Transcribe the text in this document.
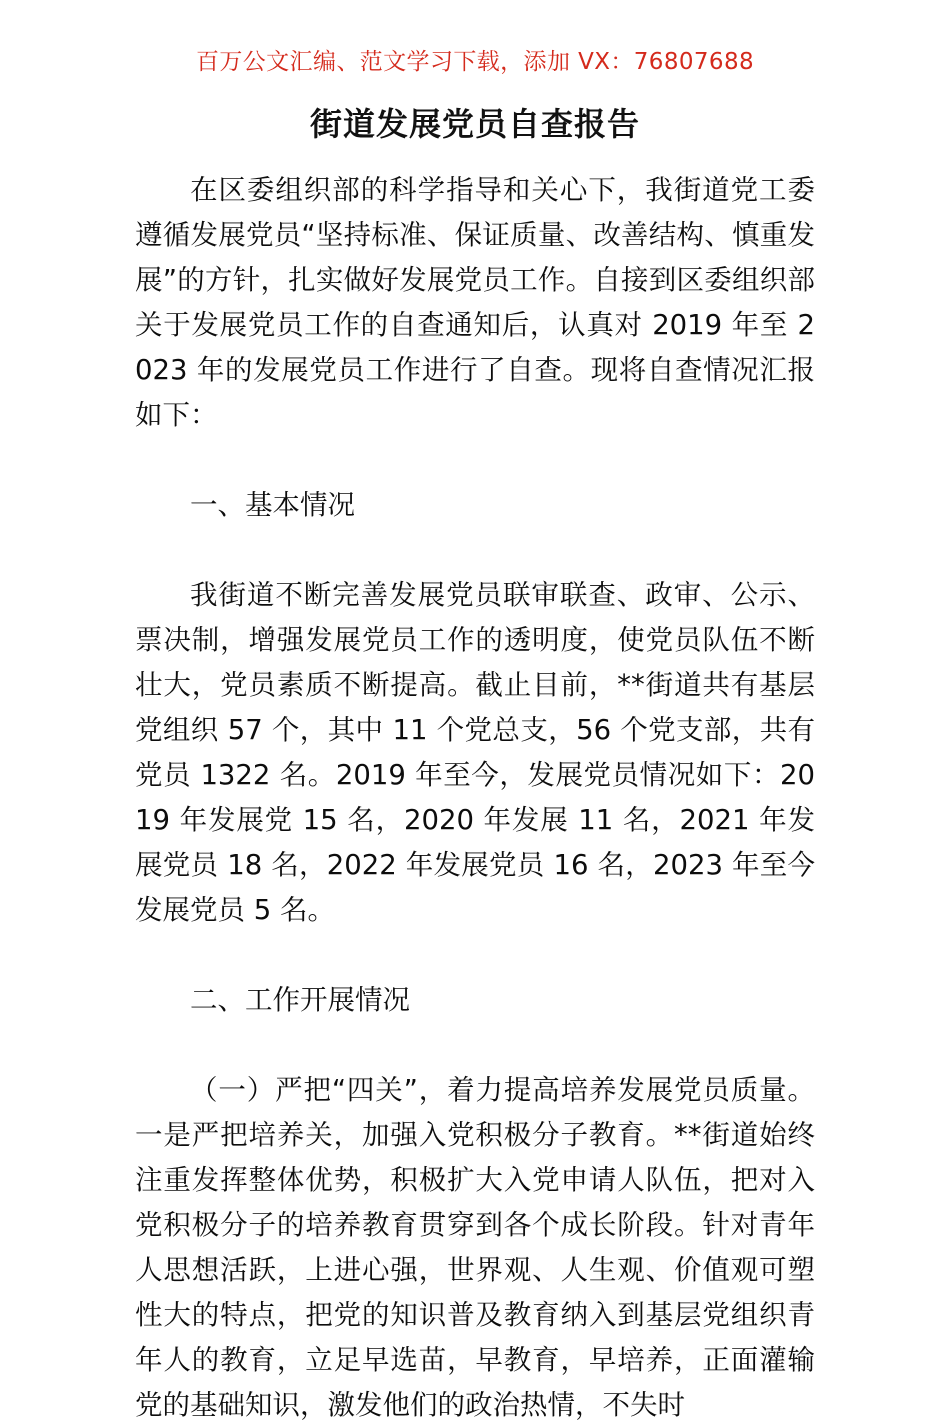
百万公文汇编、范文学习下载，添加 VX：76807688
街道发展党员自查报告

在区委组织部的科学指导和关心下，我街道党工委遵循发展党员“坚持标准、保证质量、改善结构、慎重发展”的方针，扎实做好发展党员工作。自接到区委组织部关于发展党员工作的自查通知后，认真对 2019 年至 2023 年的发展党员工作进行了自查。现将自查情况汇报如下：

一、基本情况

我街道不断完善发展党员联审联查、政审、公示、票决制，增强发展党员工作的透明度，使党员队伍不断壮大，党员素质不断提高。截止目前，**街道共有基层党组织 57 个，其中 11 个党总支，56 个党支部，共有党员 1322 名。2019 年至今，发展党员情况如下：2019 年发展党 15 名，2020 年发展 11 名，2021 年发展党员 18 名，2022 年发展党员 16 名，2023 年至今发展党员 5 名。

二、工作开展情况

（一）严把“四关”，着力提高培养发展党员质量。一是严把培养关，加强入党积极分子教育。**街道始终注重发挥整体优势，积极扩大入党申请人队伍，把对入党积极分子的培养教育贯穿到各个成长阶段。针对青年人思想活跃，上进心强，世界观、人生观、价值观可塑性大的特点，把党的知识普及教育纳入到基层党组织青年人的教育，立足早选苗，早教育，早培养，正面灌输党的基础知识，激发他们的政治热情，不失时
